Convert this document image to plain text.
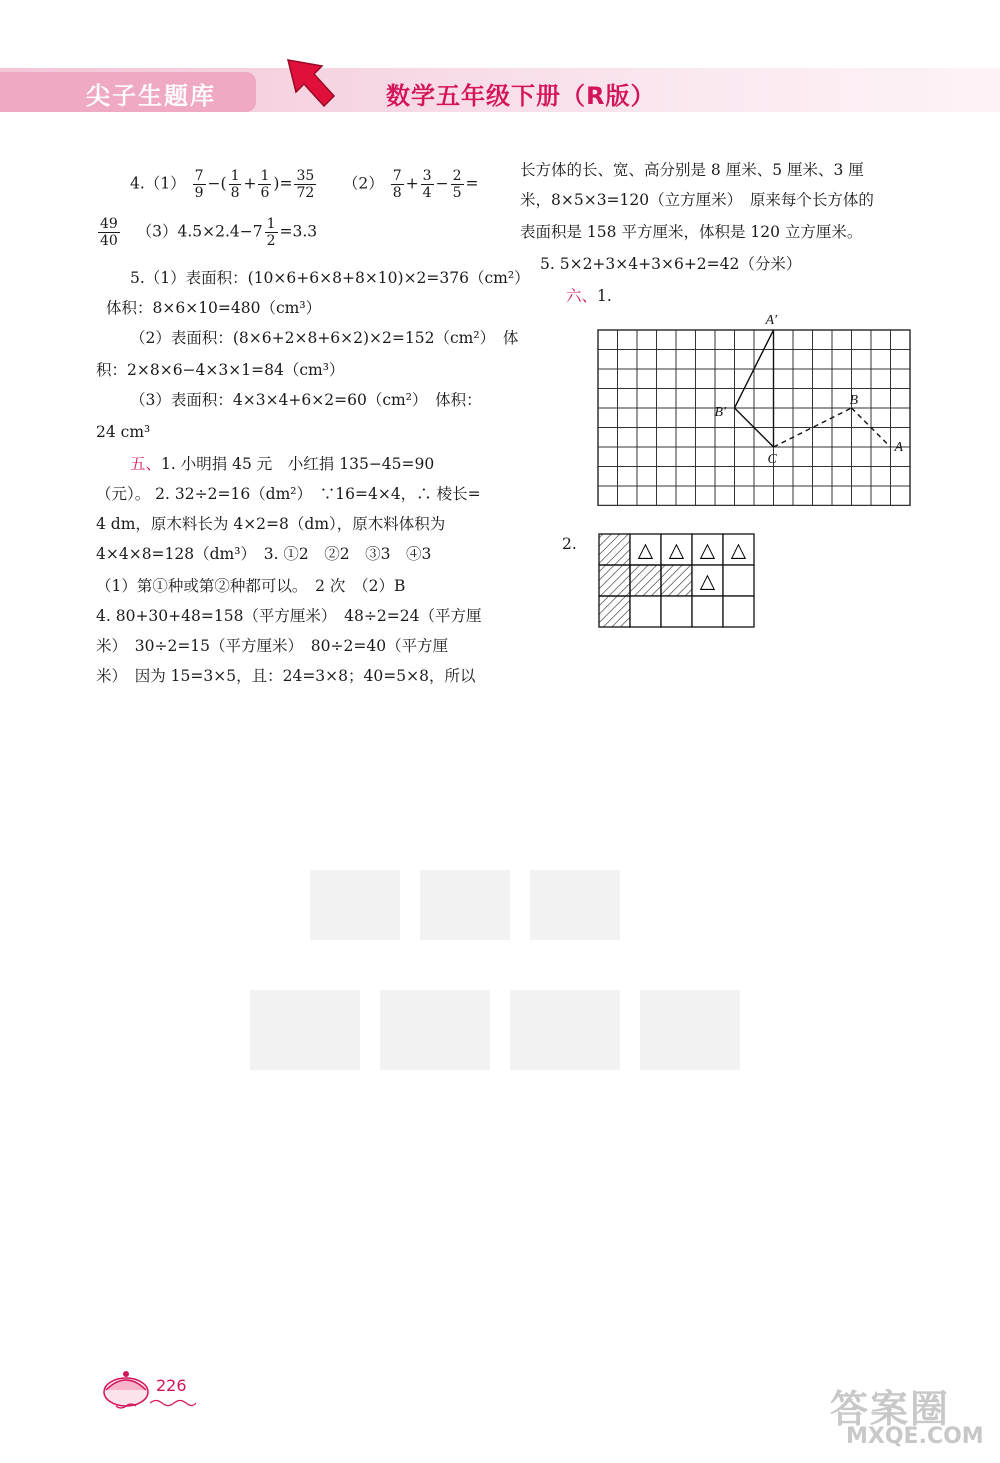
尖子生题库	数学五年级下册（R版）
$4.(1) \frac{7}{9}$ −( $\frac{1}{8} + \frac{1}{6}$ )= $\frac{35}{72} (2) \frac{7}{8} + \frac{3}{4} - \frac{2}{5}$ =
$\frac{49}{40} (3)4.5\times 2.4-7 \frac{1}{2} =3.3$
5.（1）表面积：(10×6+6×8+8×10)×2=376（cm²）
体积：8×6×10=480（cm³）
（2）表面积：(8×6+2×8+6×2)×2=152（cm²）　体
积：2×8×6−4×3×1=84（cm³）
（3）表面积：4×3×4+6×2=60（cm²）　体积：
24 cm³
五、1. 小明捐 45 元　小红捐 135−45=90
（元）。 2. 32÷2=16（dm²）　∵16=4×4，∴ 棱长=
4 dm，原木料长为 4×2=8（dm），原木料体积为
4×4×8=128（dm³）　3. ①2　②2　③3　④3
（1）第①种或第②种都可以。　2 次　（2）B
4. 80+30+48=158（平方厘米）　48÷2=24（平方厘
米）　30÷2=15（平方厘米）　80÷2=40（平方厘
米）　因为 15=3×5，且：24=3×8；40=5×8，所以
长方体的长、宽、高分别是 8 厘米、5 厘米、3 厘
米，8×5×3=120（立方厘米）　原来每个长方体的
表面积是 158 平方厘米，体积是 120 立方厘米。
5. 5×2+3×4+3×6+2=42（分米）
六、1.
A′
B′
C
B
A
2.	△ △ △ △
△
226
答案圈
MXQE.COM
